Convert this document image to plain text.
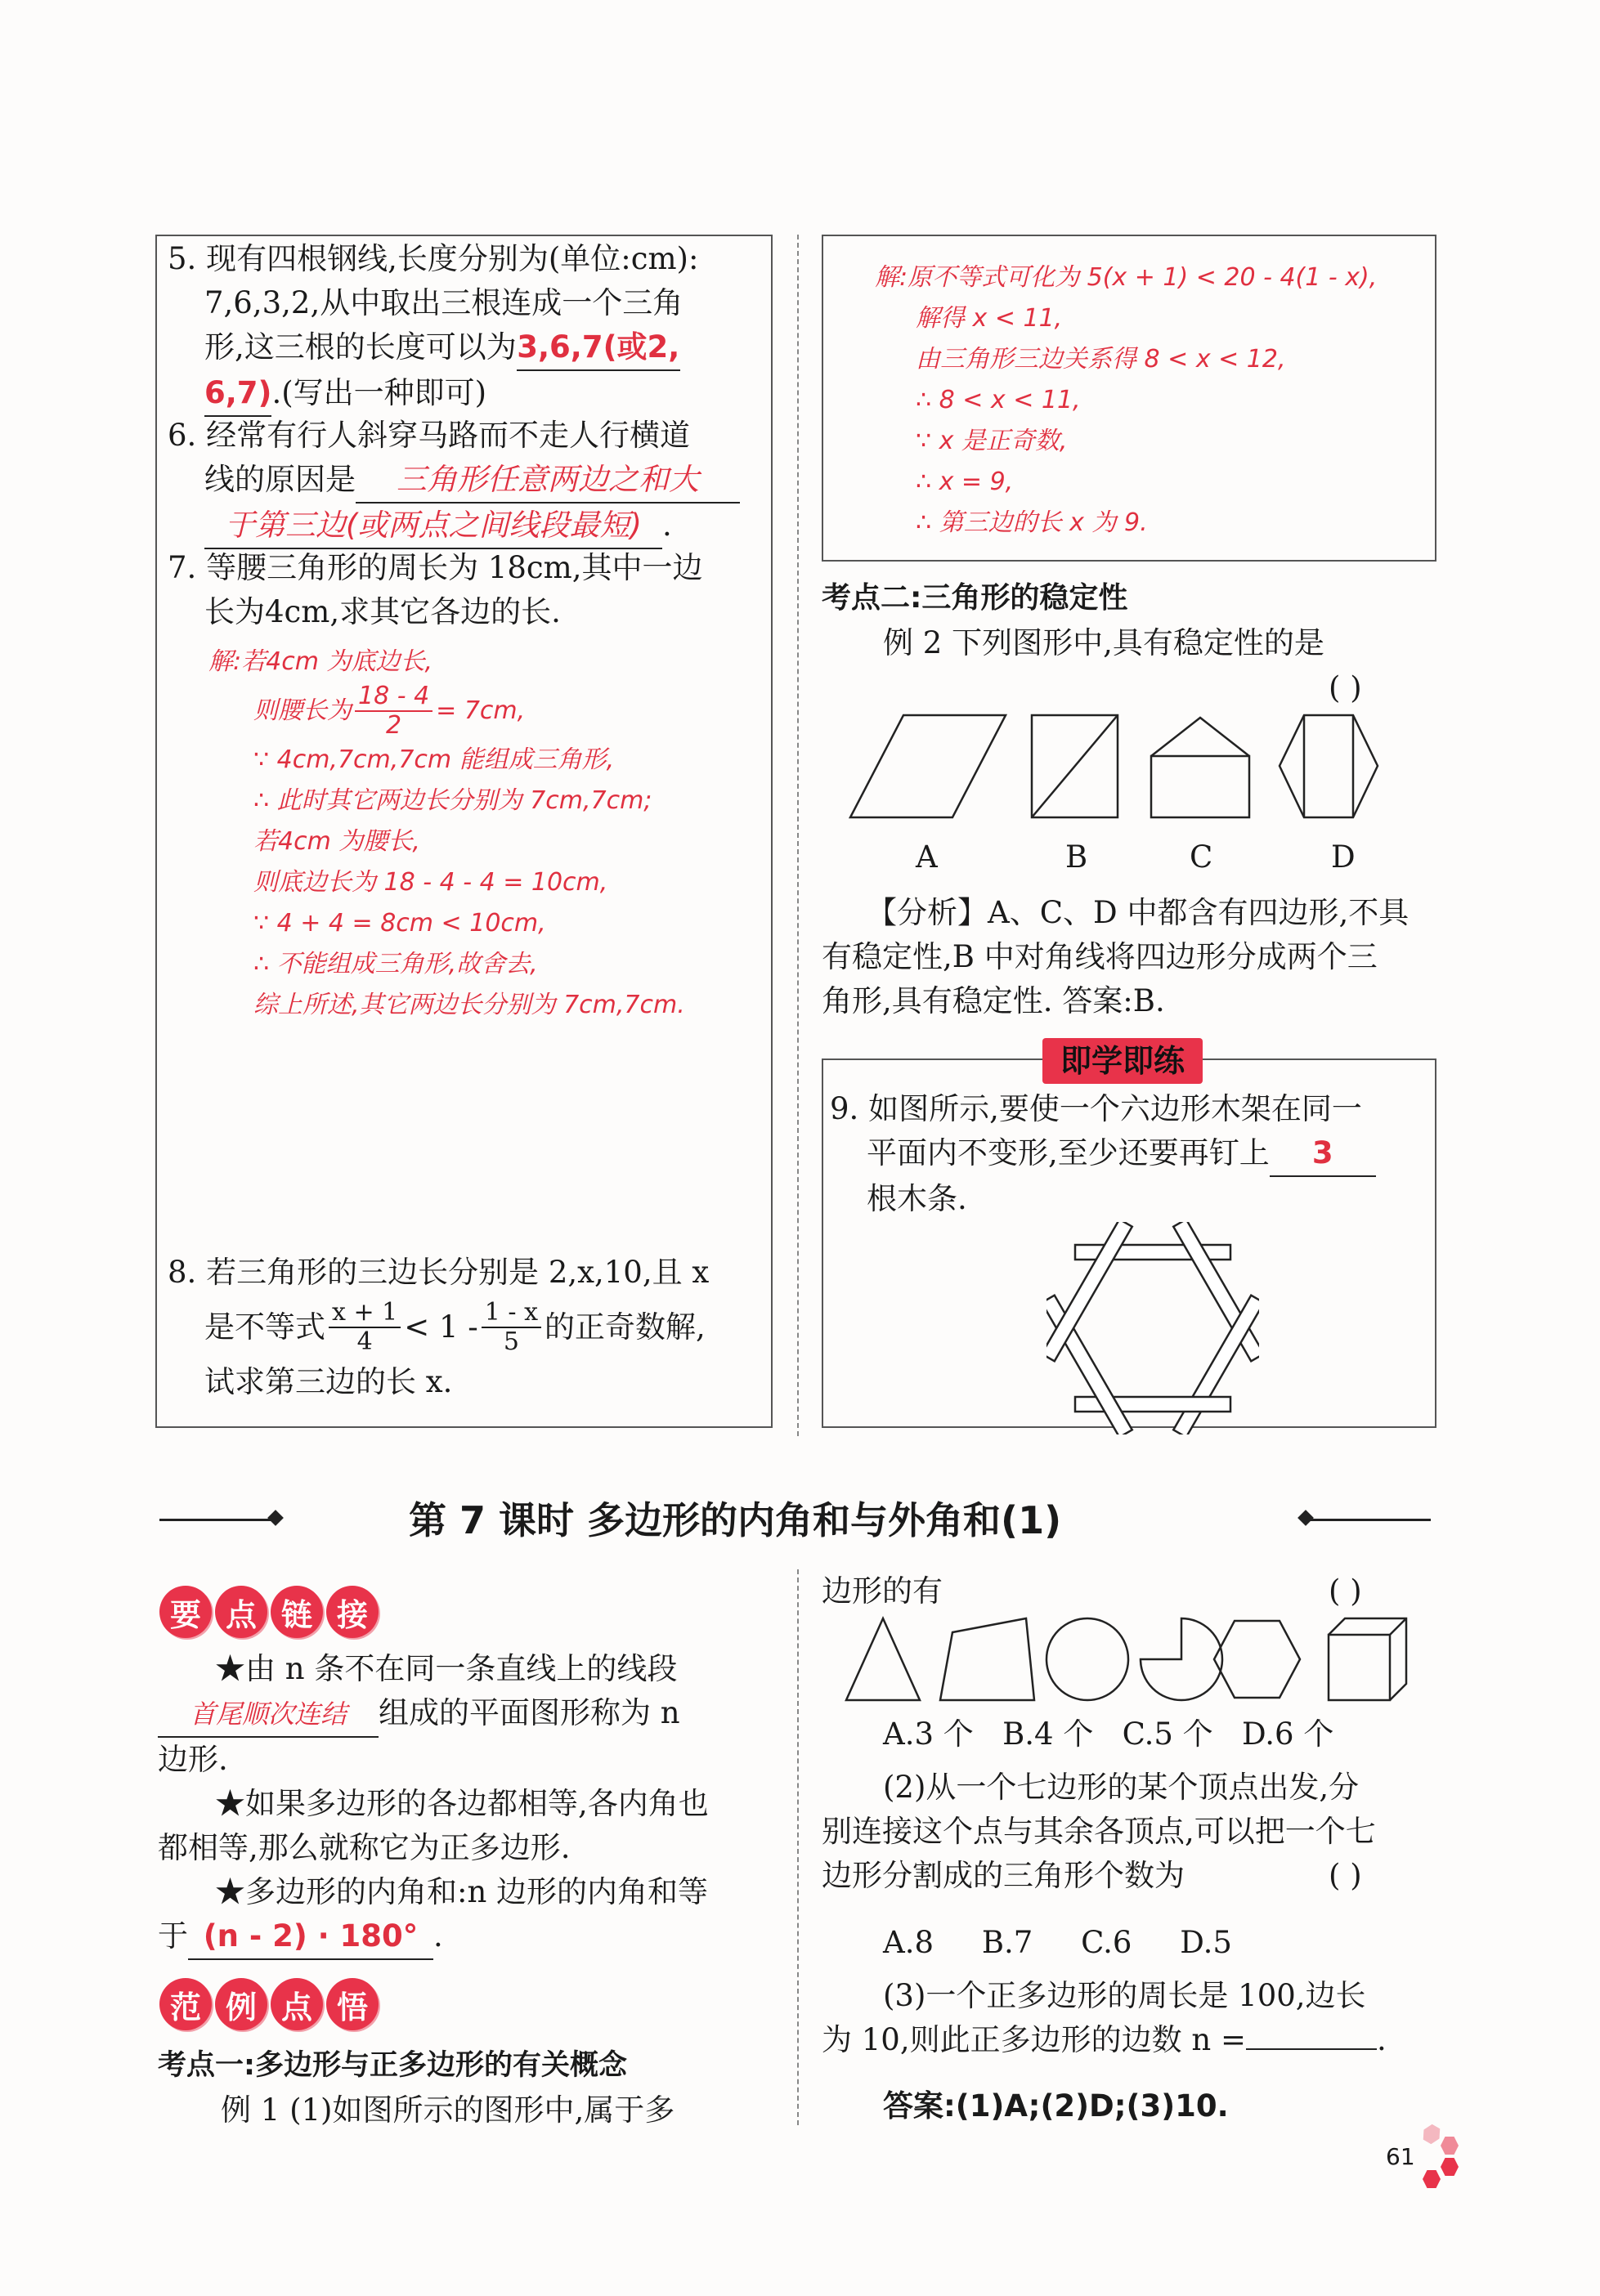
5. 现有四根钢线,长度分别为(单位:cm):
7,6,3,2,从中取出三根连成一个三角
形,这三根的长度可以为3,6,7(或2,
6,7).(写出一种即可)
6. 经常有行人斜穿马路而不走人行横道
线的原因是 三角形任意两边之和大
于第三边(或两点之间线段最短) .
7. 等腰三角形的周长为 18cm,其中一边
长为4cm,求其它各边的长.
解:若4cm 为底边长,
则腰长为 $\frac{18 - 4}{2} = 7cm$,
∵ 4cm,7cm,7cm 能组成三角形,
∴ 此时其它两边长分别为 7cm,7cm;
若4cm 为腰长,
则底边长为 18 - 4 - 4 = 10cm,
∵ 4 + 4 = 8cm < 10cm,
∴ 不能组成三角形,故舍去,
综上所述,其它两边长分别为 7cm,7cm.
8. 若三角形的三边长分别是 2,x,10,且 x
是不等式 $\frac{x + 1}{4} < 1 - \frac{1 - x}{5}$ 的正奇数解,
试求第三边的长 x.
解:原不等式可化为 5(x + 1) < 20 - 4(1 - x),
解得 x < 11,
由三角形三边关系得 8 < x < 12,
∴ 8 < x < 11,
∵ x 是正奇数,
∴ x = 9,
∴ 第三边的长 x 为 9.
考点二:三角形的稳定性
例 2 下列图形中,具有稳定性的是
( )
A	B	C	D
【分析】A、C、D 中都含有四边形,不具
有稳定性,B 中对角线将四边形分成两个三
角形,具有稳定性. 答案:B.
即学即练
9. 如图所示,要使一个六边形木架在同一
平面内不变形,至少还要再钉上 3
根木条.
第 7 课时 多边形的内角和与外角和(1)
要 点 链 接
★由 n 条不在同一条直线上的线段
首尾顺次连结 组成的平面图形称为 n
边形.
★如果多边形的各边都相等,各内角也
都相等,那么就称它为正多边形.
★多边形的内角和:n 边形的内角和等
于 (n - 2) · 180° .
范 例 点 悟
考点一:多边形与正多边形的有关概念
例 1 (1)如图所示的图形中,属于多
边形的有	( )
A.3 个   B.4 个   C.5 个   D.6 个
(2)从一个七边形的某个顶点出发,分
别连接这个点与其余各顶点,可以把一个七
边形分割成的三角形个数为	( )
A.8     B.7     C.6     D.5
(3)一个正多边形的周长是 100,边长
为 10,则此正多边形的边数 n =	.
答案:(1)A;(2)D;(3)10.
61
